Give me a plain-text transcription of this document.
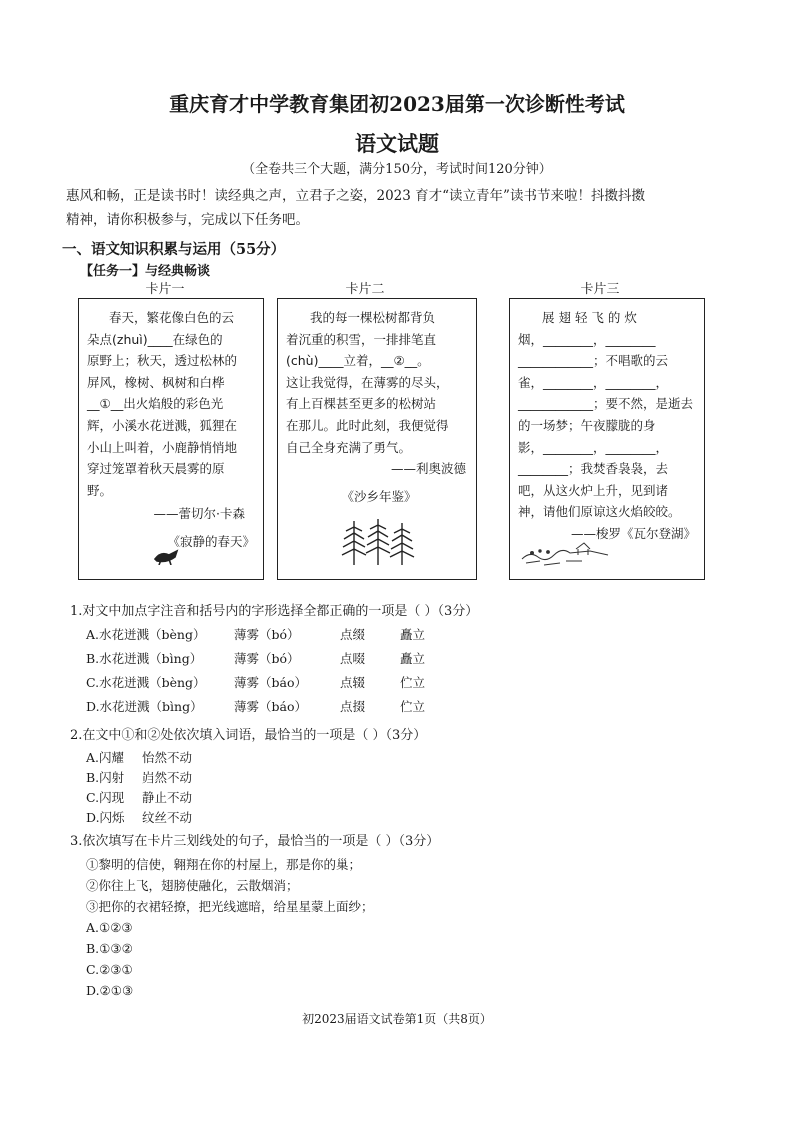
重庆育才中学教育集团初2023届第一次诊断性考试
语文试题
（全卷共三个大题，满分150分，考试时间120分钟）
惠风和畅，正是读书时！读经典之声，立君子之姿，2023 育才“读立青年”读书节来啦！抖擞抖擞
精神，请你积极参与，完成以下任务吧。
一、语文知识积累与运用（55分）
【任务一】与经典畅谈
卡片一	卡片二	卡片三
春天，繁花像白色的云
朵点(zhuì)____在绿色的
原野上；秋天，透过松林的
屏风，橡树、枫树和白桦
__①__出火焰般的彩色光
辉，小溪水花迸溅，狐狸在
小山上叫着，小鹿静悄悄地
穿过笼罩着秋天晨雾的原
野。
——蕾切尔·卡森
《寂静的春天》
我的每一棵松树都背负
着沉重的积雪，一排排笔直
(chù)____立着，__②__。
这让我觉得，在薄雾的尽头，
有上百棵甚至更多的松树站
在那儿。此时此刻，我便觉得
自己全身充满了勇气。
——利奥波德
《沙乡年鉴》
展 翅 轻 飞 的 炊
烟，________，________
____________；不唱歌的云
雀，________，________，
____________；要不然，是逝去
的一场梦；午夜朦胧的身
影，________，________，
________；我焚香袅袅，去
吧，从这火炉上升，见到诸
神，请他们原谅这火焰皎皎。
——梭罗《瓦尔登湖》
1.对文中加点字注音和括号内的字形选择全都正确的一项是（ ）（3分）
A.水花迸溅（bèng） 薄雾（bó）	点缀	矗立
B.水花迸溅（bìng）	薄雾（bó）	点啜	矗立
C.水花迸溅（bèng） 薄雾（báo）	点辍	伫立
D.水花迸溅（bìng）	薄雾（báo）	点掇	伫立
2.在文中①和②处依次填入词语，最恰当的一项是（ ）（3分）
A.闪耀 怡然不动
B.闪射 岿然不动
C.闪现 静止不动
D.闪烁 纹丝不动
3.依次填写在卡片三划线处的句子，最恰当的一项是（ ）（3分）
①黎明的信使，翱翔在你的村屋上，那是你的巢；
②你往上飞，翅膀使融化，云散烟消；
③把你的衣裙轻撩，把光线遮暗，给星星蒙上面纱；
A.①②③
B.①③②
C.②③①
D.②①③
初2023届语文试卷第1页（共8页）
